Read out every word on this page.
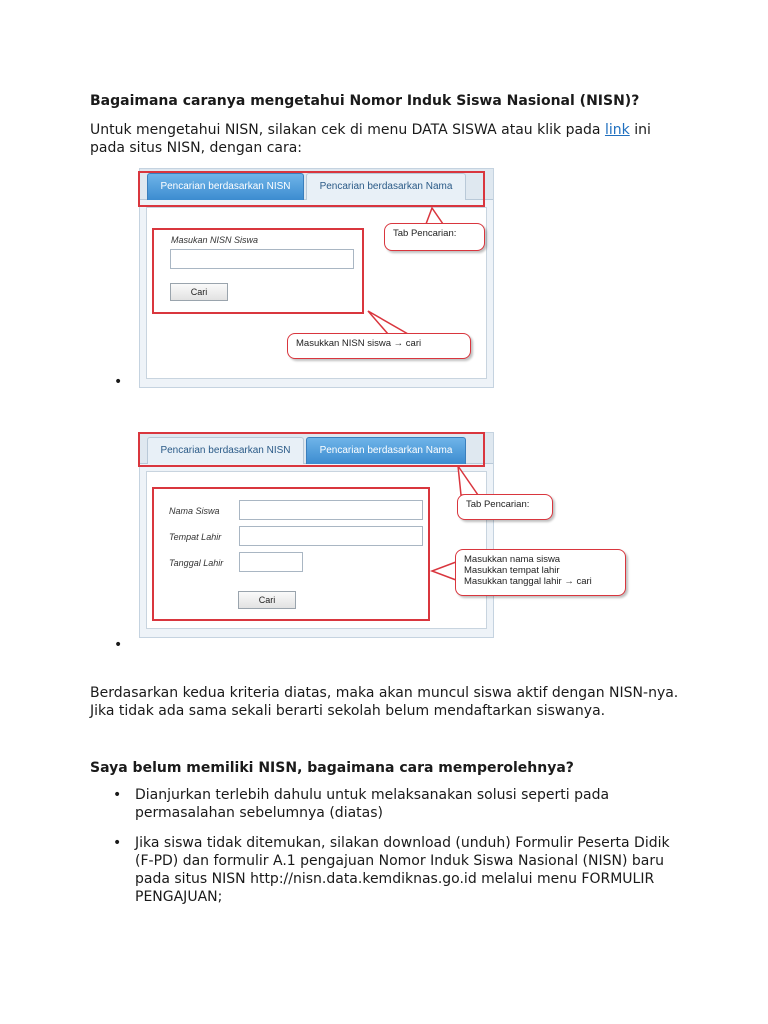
Bagaimana caranya mengetahui Nomor Induk Siswa Nasional (NISN)?
Untuk mengetahui NISN, silakan cek di menu DATA SISWA atau klik pada link ini
pada situs NISN, dengan cara:
Pencarian berdasarkan NISN	Pencarian berdasarkan Nama
Masukan NISN Siswa
Cari
Tab Pencarian:
Masukkan NISN siswa → cari
•
Pencarian berdasarkan NISN	Pencarian berdasarkan Nama
Nama Siswa
Tempat Lahir
Tanggal Lahir
Cari
Tab Pencarian:
Masukkan nama siswa
Masukkan tempat lahir
Masukkan tanggal lahir → cari
•
Berdasarkan kedua kriteria diatas, maka akan muncul siswa aktif dengan NISN-nya.
Jika tidak ada sama sekali berarti sekolah belum mendaftarkan siswanya.
Saya belum memiliki NISN, bagaimana cara memperolehnya?
• Dianjurkan terlebih dahulu untuk melaksanakan solusi seperti pada
permasalahan sebelumnya (diatas)
• Jika siswa tidak ditemukan, silakan download (unduh) Formulir Peserta Didik
(F-PD) dan formulir A.1 pengajuan Nomor Induk Siswa Nasional (NISN) baru
pada situs NISN http://nisn.data.kemdiknas.go.id melalui menu FORMULIR
PENGAJUAN;
